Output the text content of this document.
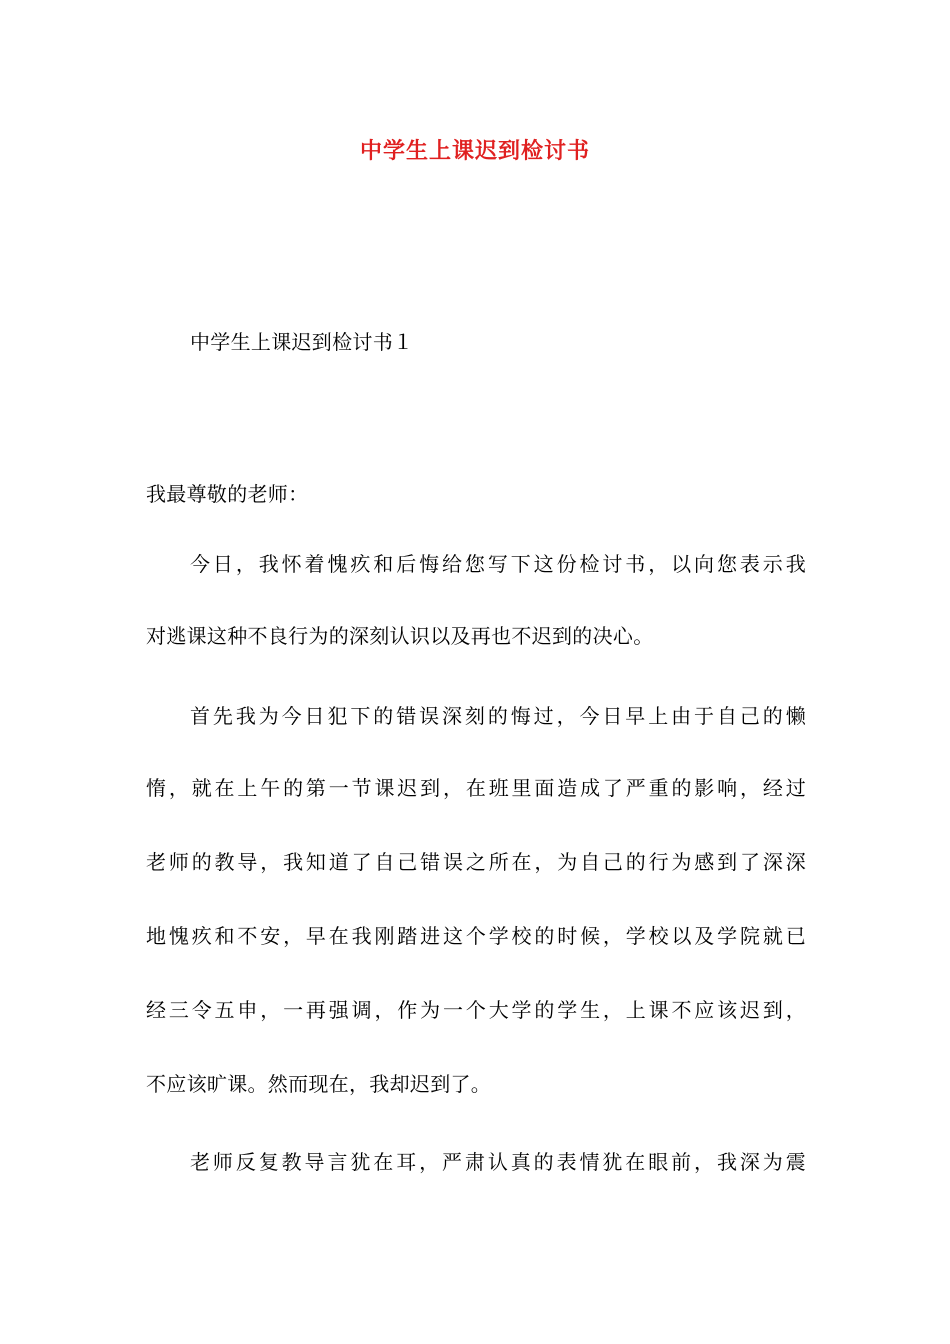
中学生上课迟到检讨书
中学生上课迟到检讨书１
我最尊敬的老师：
今日，我怀着愧疚和后悔给您写下这份检讨书，以向您表示我
对逃课这种不良行为的深刻认识以及再也不迟到的决心。
首先我为今日犯下的错误深刻的悔过，今日早上由于自己的懒
惰，就在上午的第一节课迟到，在班里面造成了严重的影响，经过
老师的教导，我知道了自己错误之所在，为自己的行为感到了深深
地愧疚和不安，早在我刚踏进这个学校的时候，学校以及学院就已
经三令五申，一再强调，作为一个大学的学生，上课不应该迟到，
不应该旷课。然而现在，我却迟到了。
老师反复教导言犹在耳，严肃认真的表情犹在眼前，我深为震
